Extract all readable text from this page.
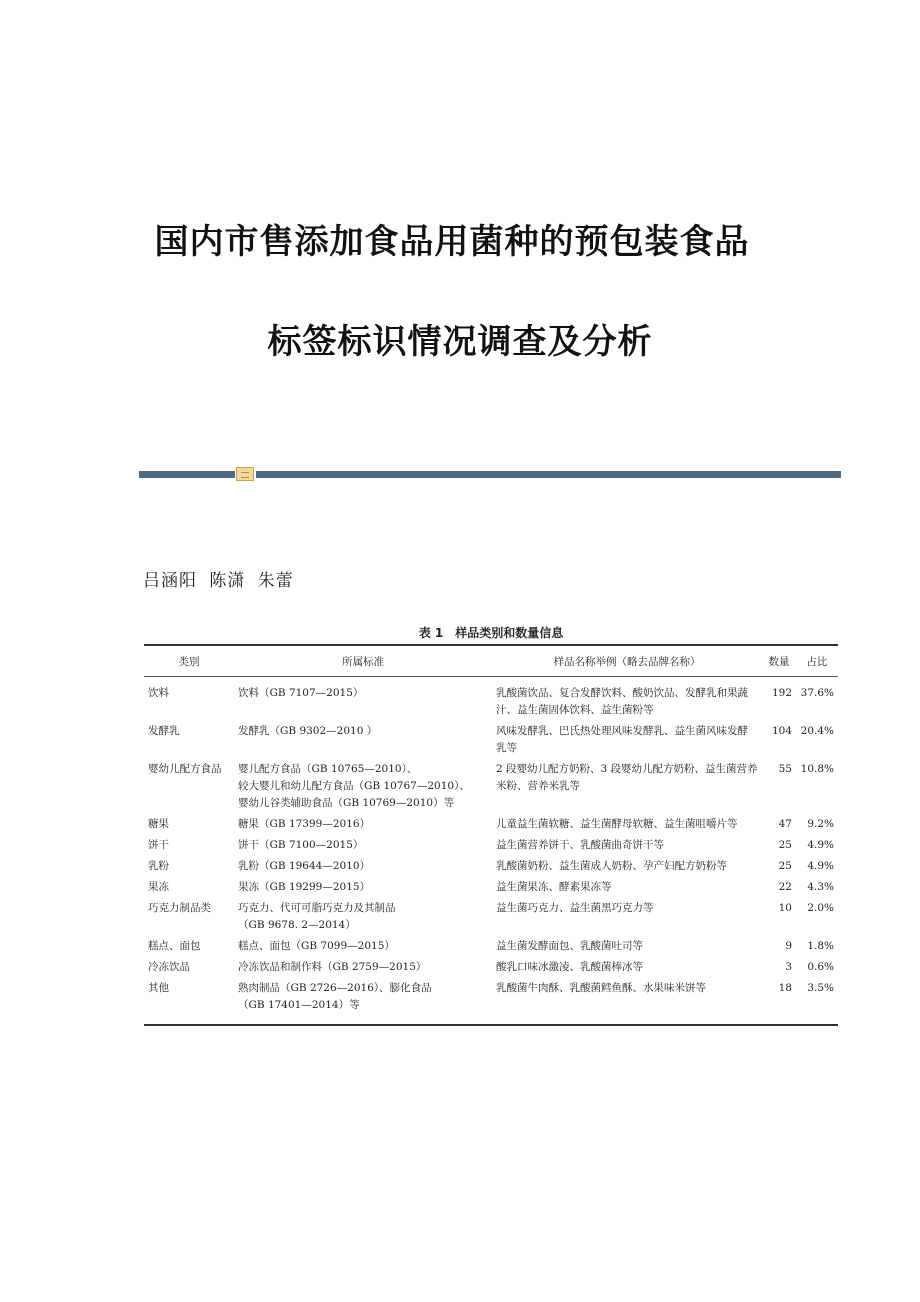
国内市售添加食品用菌种的预包装食品
标签标识情况调查及分析
吕涵阳 陈潇 朱蕾
表 1 样品类别和数量信息
类别	所属标准	样品名称举例（略去品牌名称）	数量	占比
饮料	饮料（GB 7107—2015）	乳酸菌饮品、复合发酵饮料、酸奶饮品、发酵乳和果蔬汁、益生菌固体饮料、益生菌粉等	192	37.6%
发酵乳	发酵乳（GB 9302—2010 ）	风味发酵乳、巴氏热处理风味发酵乳、益生菌风味发酵乳等	104	20.4%
婴幼儿配方食品	婴儿配方食品（GB 10765—2010）、
较大婴儿和幼儿配方食品（GB 10767—2010）、
婴幼儿谷类辅助食品（GB 10769—2010）等	2 段婴幼儿配方奶粉、3 段婴幼儿配方奶粉、益生菌营养米粉、营养米乳等	55	10.8%
糖果	糖果（GB 17399—2016）	儿童益生菌软糖、益生菌酵母软糖、益生菌咀嚼片等	47	9.2%
饼干	饼干（GB 7100—2015）	益生菌营养饼干、乳酸菌曲奇饼干等	25	4.9%
乳粉	乳粉（GB 19644—2010）	乳酸菌奶粉、益生菌成人奶粉、孕产妇配方奶粉等	25	4.9%
果冻	果冻（GB 19299—2015）	益生菌果冻、酵素果冻等	22	4.3%
巧克力制品类	巧克力、代可可脂巧克力及其制品
（GB 9678. 2—2014）	益生菌巧克力、益生菌黑巧克力等	10	2.0%
糕点、面包	糕点、面包（GB 7099—2015）	益生菌发酵面包、乳酸菌吐司等	9	1.8%
冷冻饮品	冷冻饮品和制作料（GB 2759—2015）	酸乳口味冰激凌、乳酸菌棒冰等	3	0.6%
其他	熟肉制品（GB 2726—2016）、膨化食品
（GB 17401—2014）等	乳酸菌牛肉酥、乳酸菌鳕鱼酥、水果味米饼等	18	3.5%
